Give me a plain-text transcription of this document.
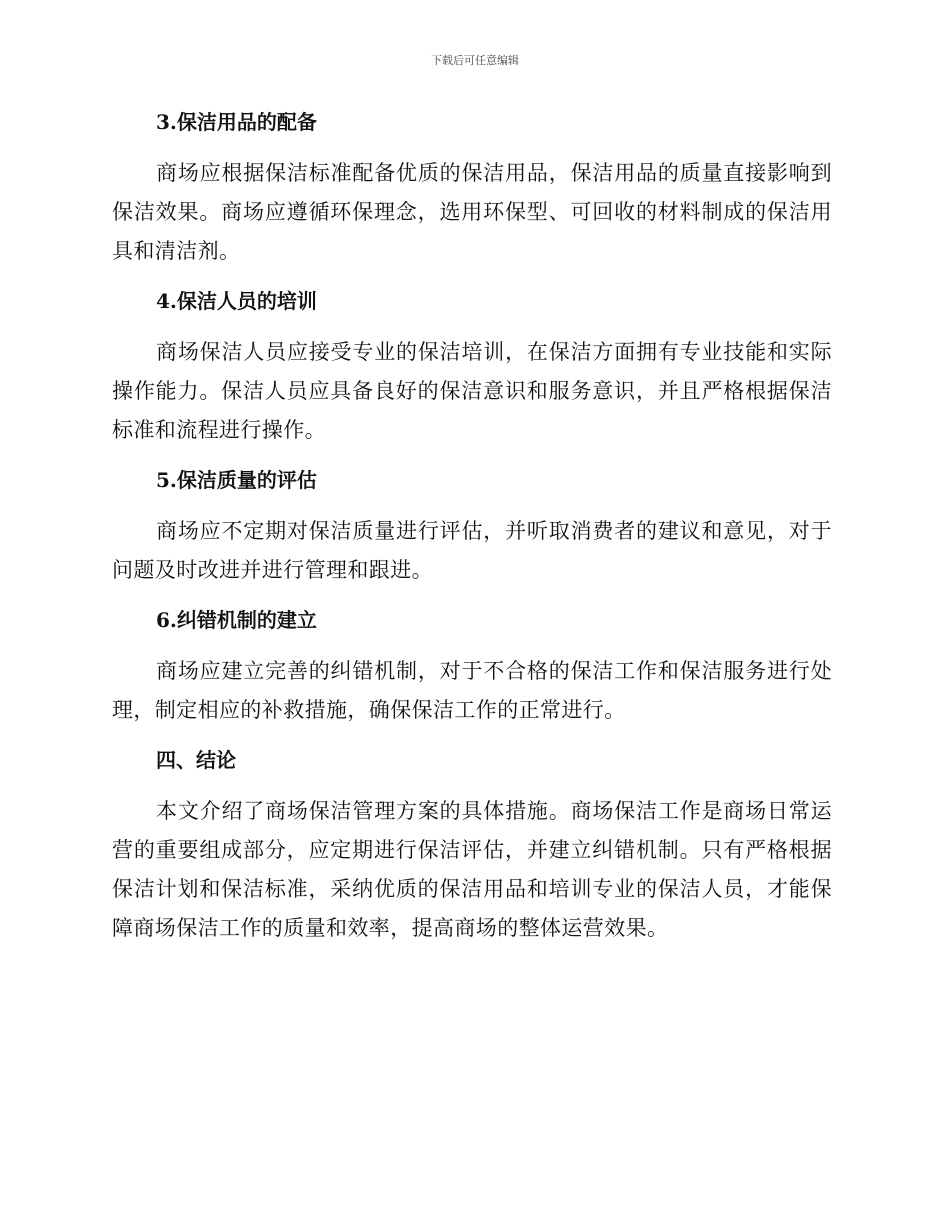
下载后可任意编辑
3.保洁用品的配备
商场应根据保洁标准配备优质的保洁用品，保洁用品的质量直接影响到保洁效果。商场应遵循环保理念，选用环保型、可回收的材料制成的保洁用具和清洁剂。
4.保洁人员的培训
商场保洁人员应接受专业的保洁培训，在保洁方面拥有专业技能和实际操作能力。保洁人员应具备良好的保洁意识和服务意识，并且严格根据保洁标准和流程进行操作。
5.保洁质量的评估
商场应不定期对保洁质量进行评估，并听取消费者的建议和意见，对于问题及时改进并进行管理和跟进。
6.纠错机制的建立
商场应建立完善的纠错机制，对于不合格的保洁工作和保洁服务进行处理，制定相应的补救措施，确保保洁工作的正常进行。
四、结论
本文介绍了商场保洁管理方案的具体措施。商场保洁工作是商场日常运营的重要组成部分，应定期进行保洁评估，并建立纠错机制。只有严格根据保洁计划和保洁标准，采纳优质的保洁用品和培训专业的保洁人员，才能保障商场保洁工作的质量和效率，提高商场的整体运营效果。
